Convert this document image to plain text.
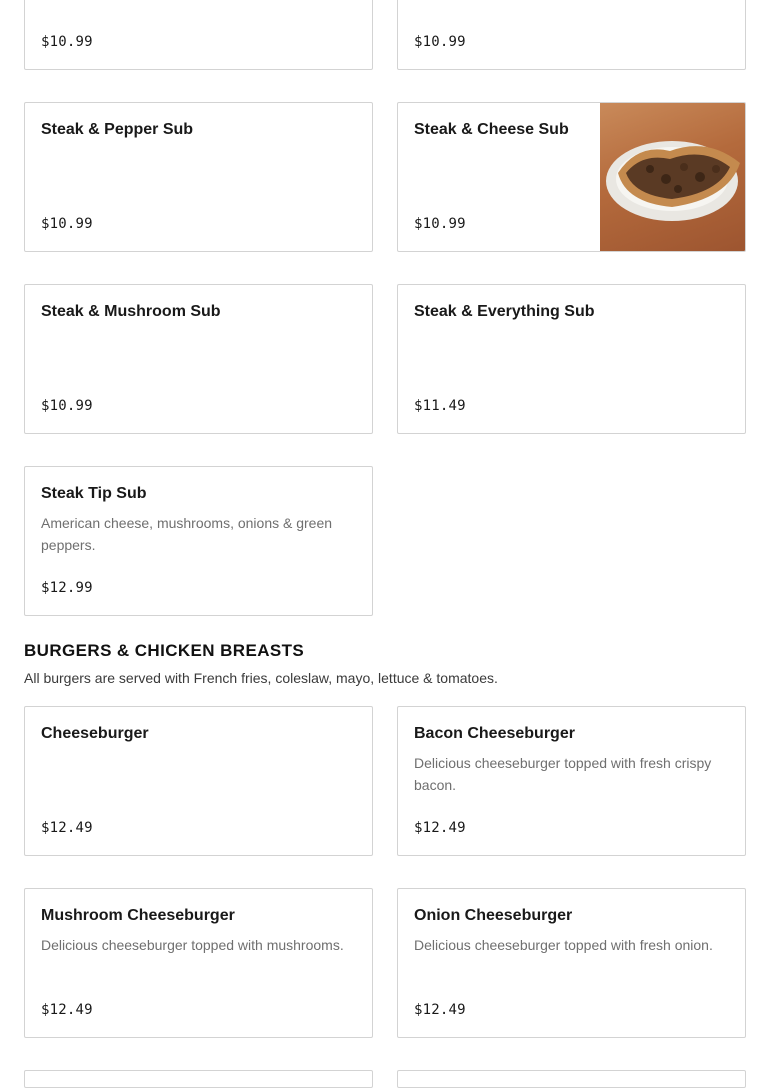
$10.99	$10.99
Steak & Pepper Sub
$10.99
Steak & Cheese Sub
$10.99
Steak & Mushroom Sub
$10.99
Steak & Everything Sub
$11.49
Steak Tip Sub
American cheese, mushrooms, onions & green peppers.
$12.99
BURGERS & CHICKEN BREASTS
All burgers are served with French fries, coleslaw, mayo, lettuce & tomatoes.
Cheeseburger
$12.49
Bacon Cheeseburger
Delicious cheeseburger topped with fresh crispy bacon.
$12.49
Mushroom Cheeseburger
Delicious cheeseburger topped with mushrooms.
$12.49
Onion Cheeseburger
Delicious cheeseburger topped with fresh onion.
$12.49
